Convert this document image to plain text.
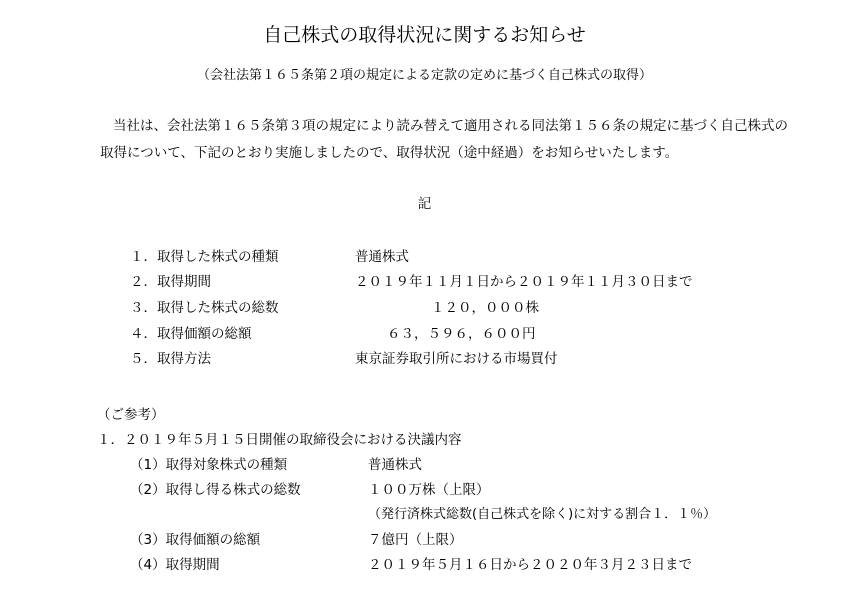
自己株式の取得状況に関するお知らせ
（会社法第１６５条第２項の規定による定款の定めに基づく自己株式の取得）
当社は、会社法第１６５条第３項の規定により読み替えて適用される同法第１５６条の規定に基づく自己株式の取得について、下記のとおり実施しましたので、取得状況（途中経過）をお知らせいたします。
記
１．取得した株式の種類	普通株式
２．取得期間	２０１９年１１月１日から２０１９年１１月３０日まで
３．取得した株式の総数	１２０，０００株
４．取得価額の総額	６３，５９６，６００円
５．取得方法	東京証券取引所における市場買付
（ご参考）
１．２０１９年５月１５日開催の取締役会における決議内容
（1）取得対象株式の種類	普通株式
（2）取得し得る株式の総数	１００万株（上限）
（発行済株式総数(自己株式を除く)に対する割合１．１％）
（3）取得価額の総額	７億円（上限）
（4）取得期間	２０１９年５月１６日から２０２０年３月２３日まで
